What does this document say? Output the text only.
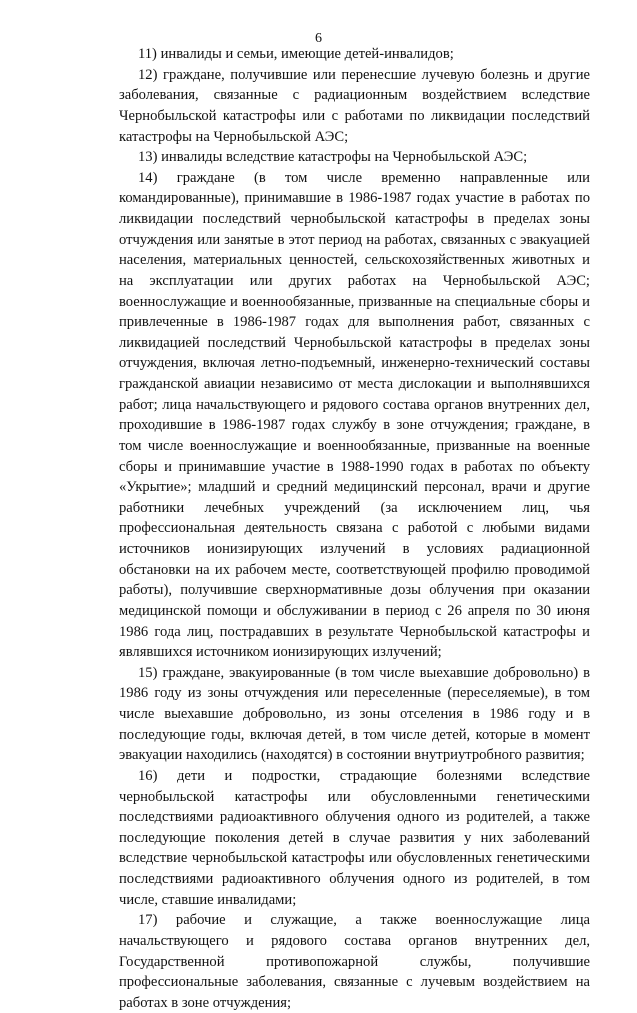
6

11) инвалиды и семьи, имеющие детей-инвалидов;

12) граждане, получившие или перенесшие лучевую болезнь и другие заболевания, связанные с радиационным воздействием вследствие Чернобыльской катастрофы или с работами по ликвидации последствий катастрофы на Чернобыльской АЭС;

13) инвалиды вследствие катастрофы на Чернобыльской АЭС;

14) граждане (в том числе временно направленные или командированные), принимавшие в 1986-1987 годах участие в работах по ликвидации последствий чернобыльской катастрофы в пределах зоны отчуждения или занятые в этот период на работах, связанных с эвакуацией населения, материальных ценностей, сельскохозяйственных животных и на эксплуатации или других работах на Чернобыльской АЭС; военнослужащие и военнообязанные, призванные на специальные сборы и привлеченные в 1986-1987 годах для выполнения работ, связанных с ликвидацией последствий Чернобыльской катастрофы в пределах зоны отчуждения, включая летно-подъемный, инженерно-технический составы гражданской авиации независимо от места дислокации и выполнявшихся работ; лица начальствующего и рядового состава органов внутренних дел, проходившие в 1986-1987 годах службу в зоне отчуждения; граждане, в том числе военнослужащие и военнообязанные, призванные на военные сборы и принимавшие участие в 1988-1990 годах в работах по объекту «Укрытие»; младший и средний медицинский персонал, врачи и другие работники лечебных учреждений (за исключением лиц, чья профессиональная деятельность связана с работой с любыми видами источников ионизирующих излучений в условиях радиационной обстановки на их рабочем месте, соответствующей профилю проводимой работы), получившие сверхнормативные дозы облучения при оказании медицинской помощи и обслуживании в период с 26 апреля по 30 июня 1986 года лиц, пострадавших в результате Чернобыльской катастрофы и являвшихся источником ионизирующих излучений;

15) граждане, эвакуированные (в том числе выехавшие добровольно) в 1986 году из зоны отчуждения или переселенные (переселяемые), в том числе выехавшие добровольно, из зоны отселения в 1986 году и в последующие годы, включая детей, в том числе детей, которые в момент эвакуации находились (находятся) в состоянии внутриутробного развития;

16) дети и подростки, страдающие болезнями вследствие чернобыльской катастрофы или обусловленными генетическими последствиями радиоактивного облучения одного из родителей, а также последующие поколения детей в случае развития у них заболеваний вследствие чернобыльской катастрофы или обусловленных генетическими последствиями радиоактивного облучения одного из родителей, в том числе, ставшие инвалидами;

17) рабочие и служащие, а также военнослужащие лица начальствующего и рядового состава органов внутренних дел, Государственной противопожарной службы, получившие профессиональные заболевания, связанные с лучевым воздействием на работах в зоне отчуждения;
